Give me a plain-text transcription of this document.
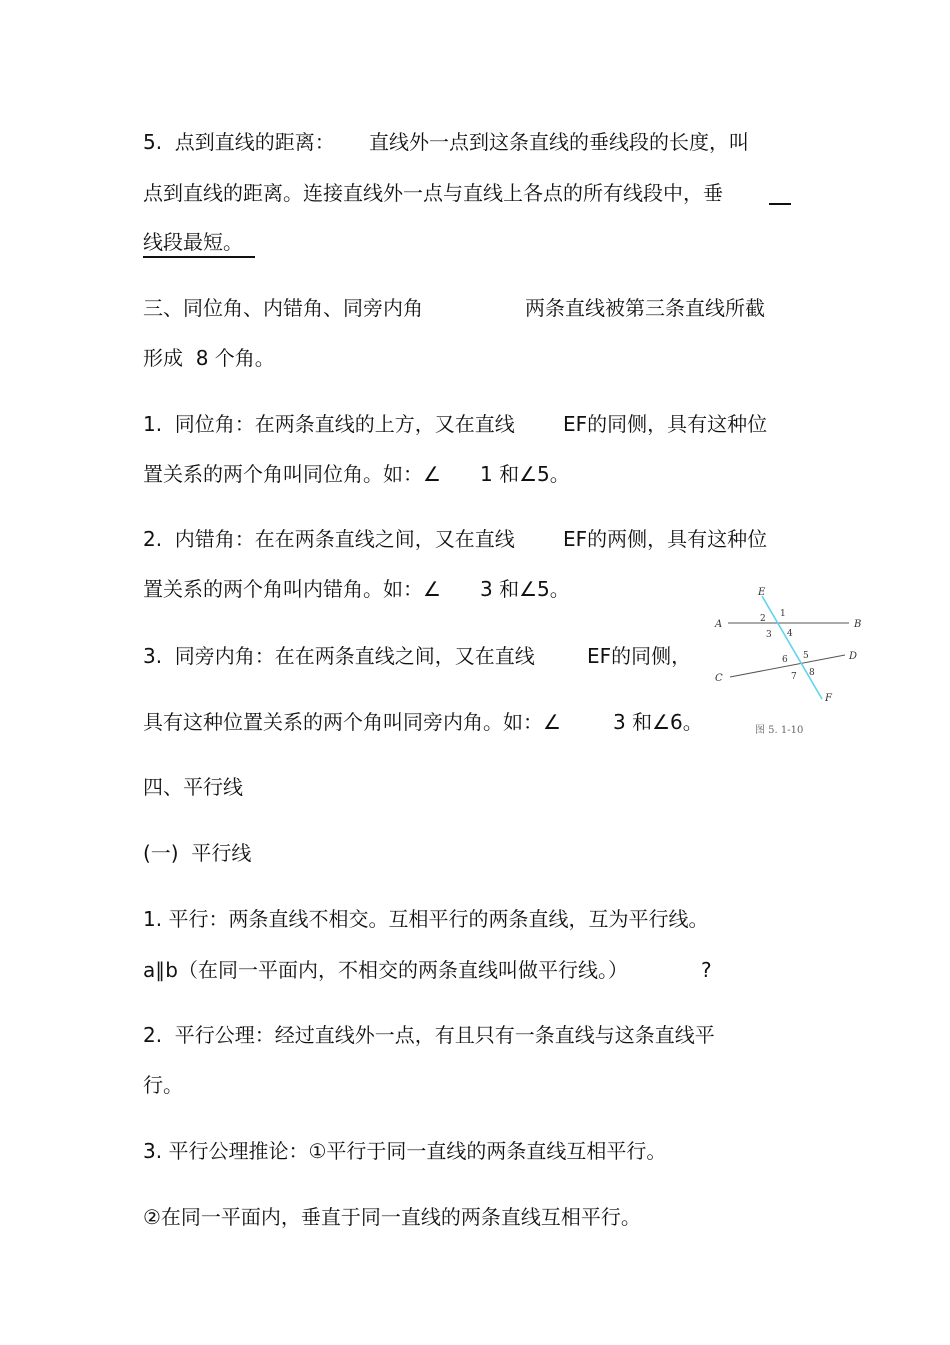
5.  点到直线的距离： 直线外一点到这条直线的垂线段的长度，叫
点到直线的距离。连接直线外一点与直线上各点的所有线段中，垂
线段最短。
三、同位角、内错角、同旁内角	两条直线被第三条直线所截
形成  8 个角。
1.  同位角：在两条直线的上方，又在直线 EF的同侧，具有这种位
置关系的两个角叫同位角。如：∠ 1 和∠5。
2.  内错角：在在两条直线之间，又在直线 EF的两侧，具有这种位
置关系的两个角叫内错角。如：∠ 3 和∠5。
3.  同旁内角：在在两条直线之间，又在直线	EF的同侧，
具有这种位置关系的两个角叫同旁内角。如：∠	3 和∠6。
四、平行线
(一)  平行线
1. 平行：两条直线不相交。互相平行的两条直线，互为平行线。
a∥b（在同一平面内，不相交的两条直线叫做平行线。）	?
2.  平行公理：经过直线外一点，有且只有一条直线与这条直线平
行。
3. 平行公理推论：①平行于同一直线的两条直线互相平行。
②在同一平面内，垂直于同一直线的两条直线互相平行。
E
A	B
C
D
F
1
2
3 4
5
6
7 8
图 5. 1-10
